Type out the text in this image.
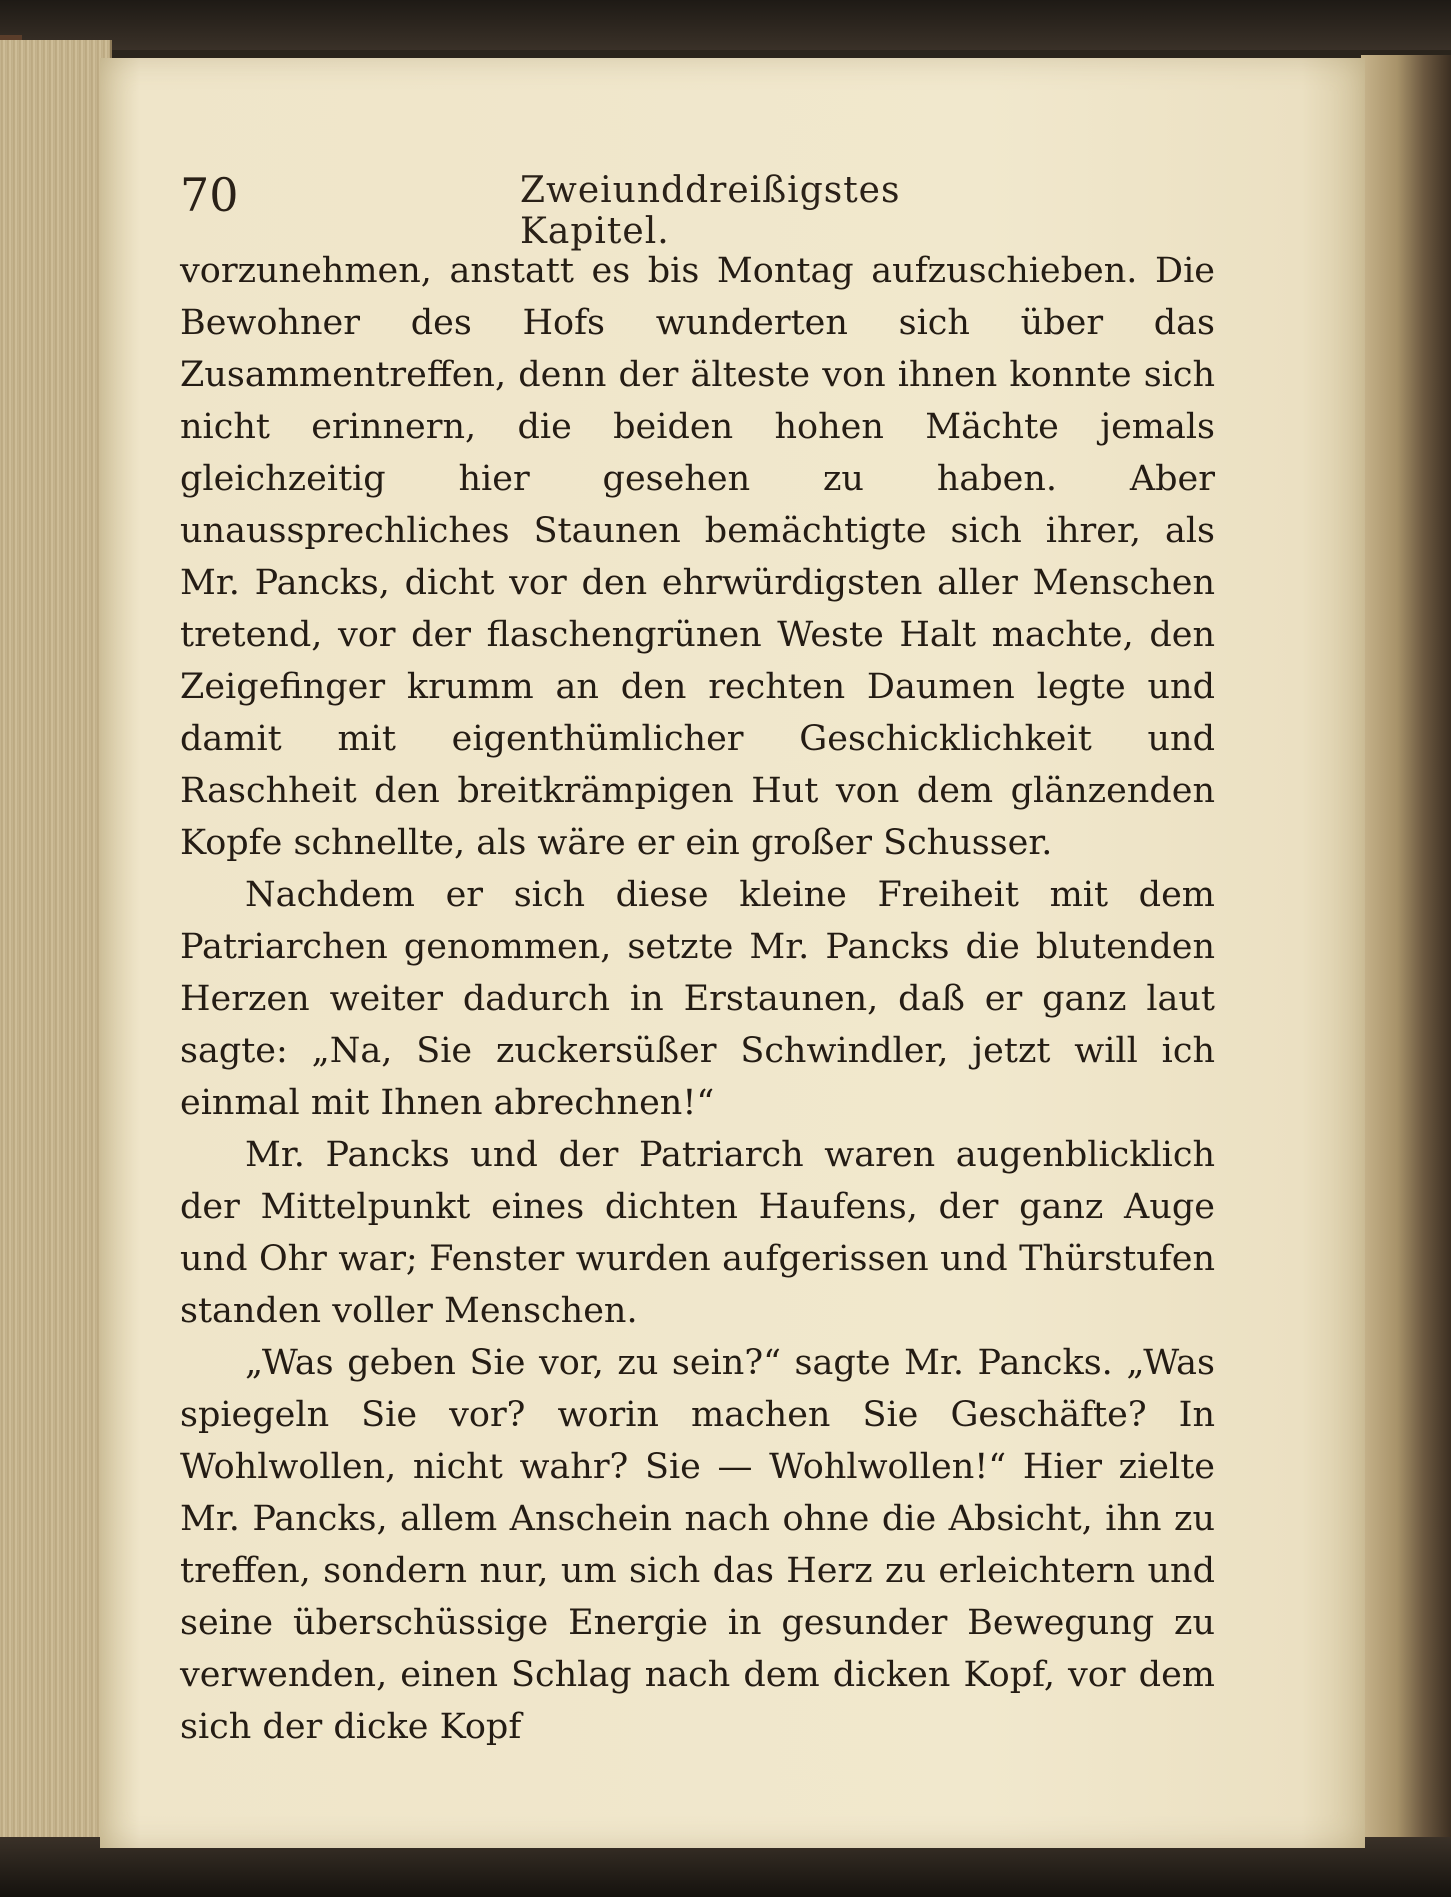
70	Zweiunddreißigstes Kapitel.

vorzunehmen, anstatt es bis Montag aufzuschieben. Die Bewohner des Hofs wunderten sich über das Zusammentreffen, denn der älteste von ihnen konnte sich nicht erinnern, die beiden hohen Mächte jemals gleichzeitig hier gesehen zu haben. Aber unaussprechliches Staunen bemächtigte sich ihrer, als Mr. Pancks, dicht vor den ehrwürdigsten aller Menschen tretend, vor der flaschengrünen Weste Halt machte, den Zeigefinger krumm an den rechten Daumen legte und damit mit eigenthümlicher Geschicklichkeit und Raschheit den breitkrämpigen Hut von dem glänzenden Kopfe schnellte, als wäre er ein großer Schusser.

Nachdem er sich diese kleine Freiheit mit dem Patriarchen genommen, setzte Mr. Pancks die blutenden Herzen weiter dadurch in Erstaunen, daß er ganz laut sagte: „Na, Sie zuckersüßer Schwindler, jetzt will ich einmal mit Ihnen abrechnen!“

Mr. Pancks und der Patriarch waren augenblicklich der Mittelpunkt eines dichten Haufens, der ganz Auge und Ohr war; Fenster wurden aufgerissen und Thürstufen standen voller Menschen.

„Was geben Sie vor, zu sein?“ sagte Mr. Pancks. „Was spiegeln Sie vor? worin machen Sie Geschäfte? In Wohlwollen, nicht wahr? Sie — Wohlwollen!“ Hier zielte Mr. Pancks, allem Anschein nach ohne die Absicht, ihn zu treffen, sondern nur, um sich das Herz zu erleichtern und seine überschüssige Energie in gesunder Bewegung zu verwenden, einen Schlag nach dem dicken Kopf, vor dem sich der dicke Kopf
